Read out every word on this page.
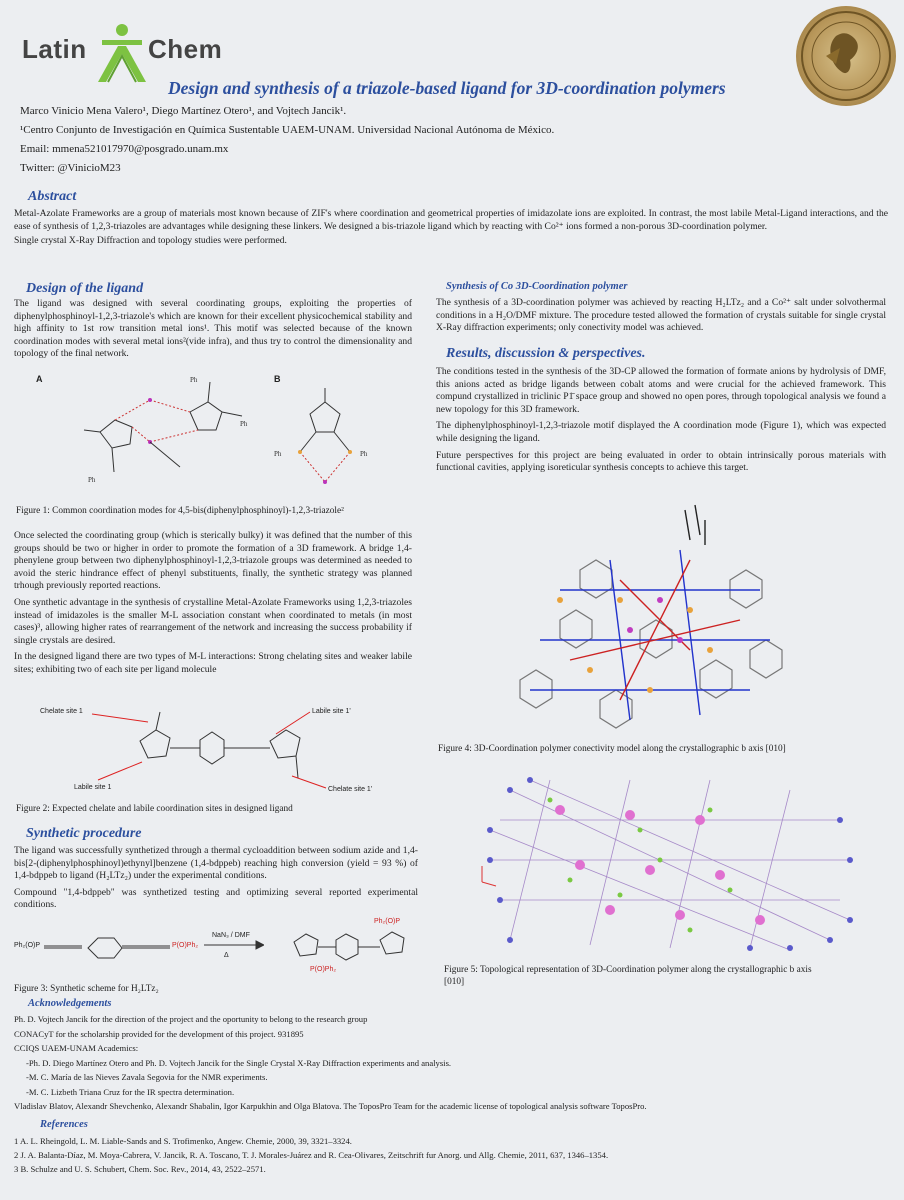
Latin Chem
Design and synthesis of a triazole-based ligand for 3D-coordination polymers
Marco Vinicio Mena Valero¹, Diego Martínez Otero¹, and Vojtech Jancik¹.
¹Centro Conjunto de Investigación en Química Sustentable UAEM-UNAM. Universidad Nacional Autónoma de México.
Email: mmena521017970@posgrado.unam.mx
Twitter: @VinicioM23
Abstract

Metal-Azolate Frameworks are a group of materials most known because of ZIF's where coordination and geometrical properties of imidazolate ions are exploited. In contrast, the most labile Metal-Ligand interactions, and the ease of synthesis of 1,2,3-triazoles are advantages while designing these linkers. We designed a bis-triazole ligand which by reacting with Co²⁺ ions formed a non-porous 3D-coordination polymer.

Single crystal X-Ray Diffraction and topology studies were performed.

Design of the ligand

The ligand was designed with several coordinating groups, exploiting the properties of diphenylphosphinoyl-1,2,3-triazole's which are known for their excellent physicochemical stability and high affinity to 1st row transition metal ions¹. This motif was selected because of the known coordination modes with several metal ions²(vide infra), and thus try to control the dimensionality and topology of the final network.

A	B
Ph
Ph
Ph
Ph	Ph
Figure 1: Common coordination modes for 4,5-bis(diphenylphosphinoyl)-1,2,3-triazole²

Once selected the coordinating group (which is sterically bulky) it was defined that the number of this groups should be two or higher in order to promote the formation of a 3D framework. A bridge 1,4-phenylene group between two diphenylphosphinoyl-1,2,3-triazole groups was determined as needed to avoid the steric hindrance effect of phenyl substituents, finally, the synthetic strategy was planned trhough previously reported reactions.

One synthetic advantage in the synthesis of crystalline Metal-Azolate Frameworks using 1,2,3-triazoles instead of imidazoles is the smaller M-L association constant when coordinated to metals (in most cases)³, allowing higher rates of rearrangement of the network and increasing the success probability if single crystals are desired.

In the designed ligand there are two types of M-L interactions: Strong chelating sites and weaker labile sites; exhibiting two of each site per ligand molecule

Chelate site 1	Labile site 1'
Labile site 1	Chelate site 1'
Figure 2: Expected chelate and labile coordination sites in designed ligand
Synthetic procedure

The ligand was successfully synthetized through a thermal cycloaddition between sodium azide and 1,4-bis[2-(diphenylphosphinoyl)ethynyl]benzene (1,4-bdppeb) reaching high conversion (yield = 93 %) of 1,4-bdppeb to ligand (H₂LTz₂) under the experimental conditions.

Compound "1,4-bdppeb" was synthetized testing and optimizing several reported experimental conditions.

Ph₂(O)P	P(O)Ph₂
NaN₃ / DMF
Δ
Ph₂(O)P
P(O)Ph₂
Figure 3: Synthetic scheme for H₂LTz₂
Synthesis of Co 3D-Coordination polymer

The synthesis of a 3D-coordination polymer was achieved by reacting H₂LTz₂ and a Co²⁺ salt under solvothermal conditions in a H₂O/DMF mixture. The procedure tested allowed the formation of crystals suitable for single crystal X-Ray diffraction experiments; only conectivity model was achieved.

Results, discussion & perspectives.

The conditions tested in the synthesis of the 3D-CP allowed the formation of formate anions by hydrolysis of DMF, this anions acted as bridge ligands between cobalt atoms and were crucial for the achieved framework. This compund crystallized in triclinic P1̄ space group and showed no open pores, through topological analysis we found a new topology for this 3D framework.

The diphenylphosphinoyl-1,2,3-triazole motif displayed the A coordination mode (Figure 1), which was expected while designing the ligand.

Future perspectives for this project are being evaluated in order to obtain intrinsically porous materials with functional cavities, applying isoreticular synthesis concepts to achieve this target.

Figure 4: 3D-Coordination polymer conectivity model along the crystallographic b axis [010]
Figure 5: Topological representation of 3D-Coordination polymer along the crystallographic b axis [010]
Acknowledgements
Ph. D. Vojtech Jancik for the direction of the project and the oportunity to belong to the research group
CONACyT for the scholarship provided for the development of this project. 931895
CCIQS UAEM-UNAM Academics:
-Ph. D. Diego Martínez Otero and Ph. D. Vojtech Jancik for the Single Crystal X-Ray Diffraction experiments and analysis.
-M. C. María de las Nieves Zavala Segovia for the NMR experiments.
-M. C. Lizbeth Triana Cruz for the IR spectra determination.
Vladislav Blatov, Alexandr Shevchenko, Alexandr Shabalin, Igor Karpukhin and Olga Blatova. The ToposPro Team for the academic license of topological analysis software ToposPro.
References
1 A. L. Rheingold, L. M. Liable-Sands and S. Trofimenko, Angew. Chemie, 2000, 39, 3321–3324.
2 J. A. Balanta-Díaz, M. Moya-Cabrera, V. Jancik, R. A. Toscano, T. J. Morales-Juárez and R. Cea-Olivares, Zeitschrift fur Anorg. und Allg. Chemie, 2011, 637, 1346–1354.
3 B. Schulze and U. S. Schubert, Chem. Soc. Rev., 2014, 43, 2522–2571.
